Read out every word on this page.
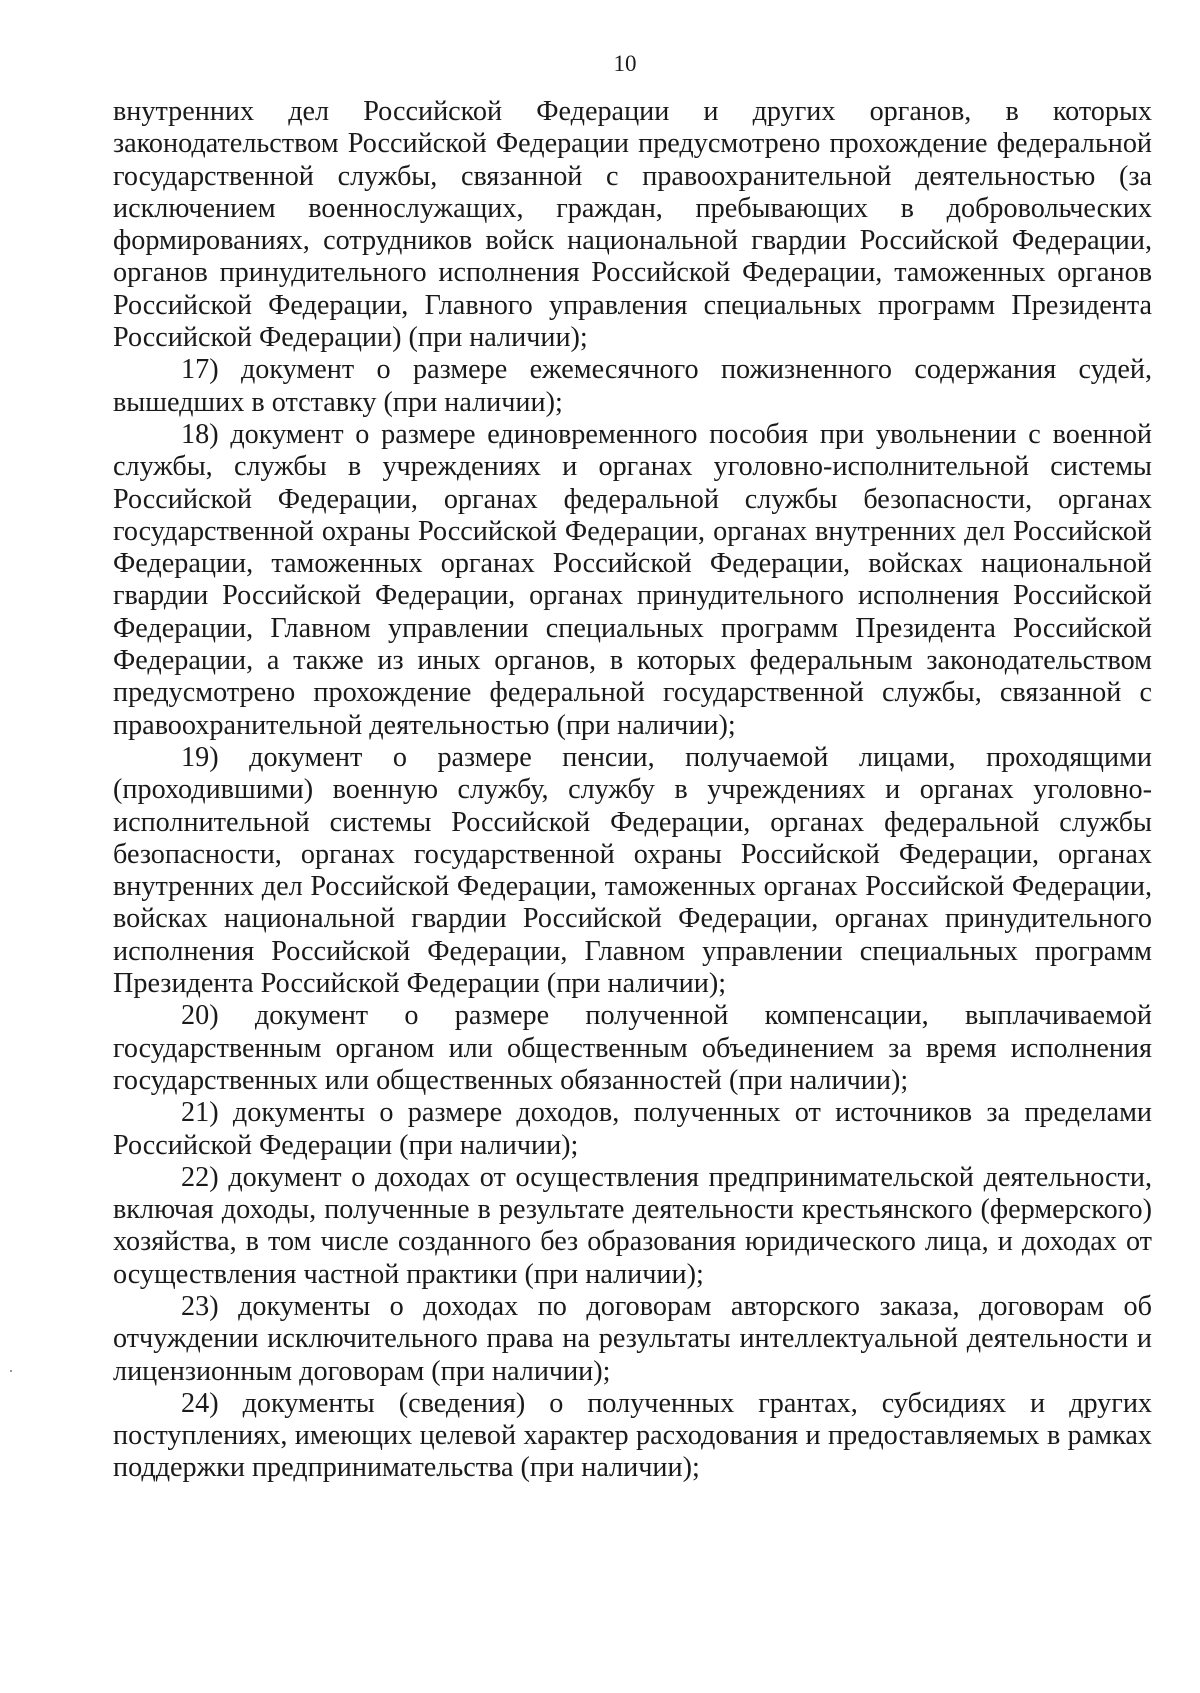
10

внутренних дел Российской Федерации и других органов, в которых законодательством Российской Федерации предусмотрено прохождение федеральной государственной службы, связанной с правоохранительной деятельностью (за исключением военнослужащих, граждан, пребывающих в добровольческих формированиях, сотрудников войск национальной гвардии Российской Федерации, органов принудительного исполнения Российской Федерации, таможенных органов Российской Федерации, Главного управления специальных программ Президента Российской Федерации) (при наличии);

17) документ о размере ежемесячного пожизненного содержания судей, вышедших в отставку (при наличии);

18) документ о размере единовременного пособия при увольнении с военной службы, службы в учреждениях и органах уголовно-исполнительной системы Российской Федерации, органах федеральной службы безопасности, органах государственной охраны Российской Федерации, органах внутренних дел Российской Федерации, таможенных органах Российской Федерации, войсках национальной гвардии Российской Федерации, органах принудительного исполнения Российской Федерации, Главном управлении специальных программ Президента Российской Федерации, а также из иных органов, в которых федеральным законодательством предусмотрено прохождение федеральной государственной службы, связанной с правоохранительной деятельностью (при наличии);

19) документ о размере пенсии, получаемой лицами, проходящими (проходившими) военную службу, службу в учреждениях и органах уголовно-исполнительной системы Российской Федерации, органах федеральной службы безопасности, органах государственной охраны Российской Федерации, органах внутренних дел Российской Федерации, таможенных органах Российской Федерации, войсках национальной гвардии Российской Федерации, органах принудительного исполнения Российской Федерации, Главном управлении специальных программ Президента Российской Федерации (при наличии);

20) документ о размере полученной компенсации, выплачиваемой государственным органом или общественным объединением за время исполнения государственных или общественных обязанностей (при наличии);

21) документы о размере доходов, полученных от источников за пределами Российской Федерации (при наличии);

22) документ о доходах от осуществления предпринимательской деятельности, включая доходы, полученные в результате деятельности крестьянского (фермерского) хозяйства, в том числе созданного без образования юридического лица, и доходах от осуществления частной практики (при наличии);

23) документы о доходах по договорам авторского заказа, договорам об отчуждении исключительного права на результаты интеллектуальной деятельности и лицензионным договорам (при наличии);

24) документы (сведения) о полученных грантах, субсидиях и других поступлениях, имеющих целевой характер расходования и предоставляемых в рамках поддержки предпринимательства (при наличии);
